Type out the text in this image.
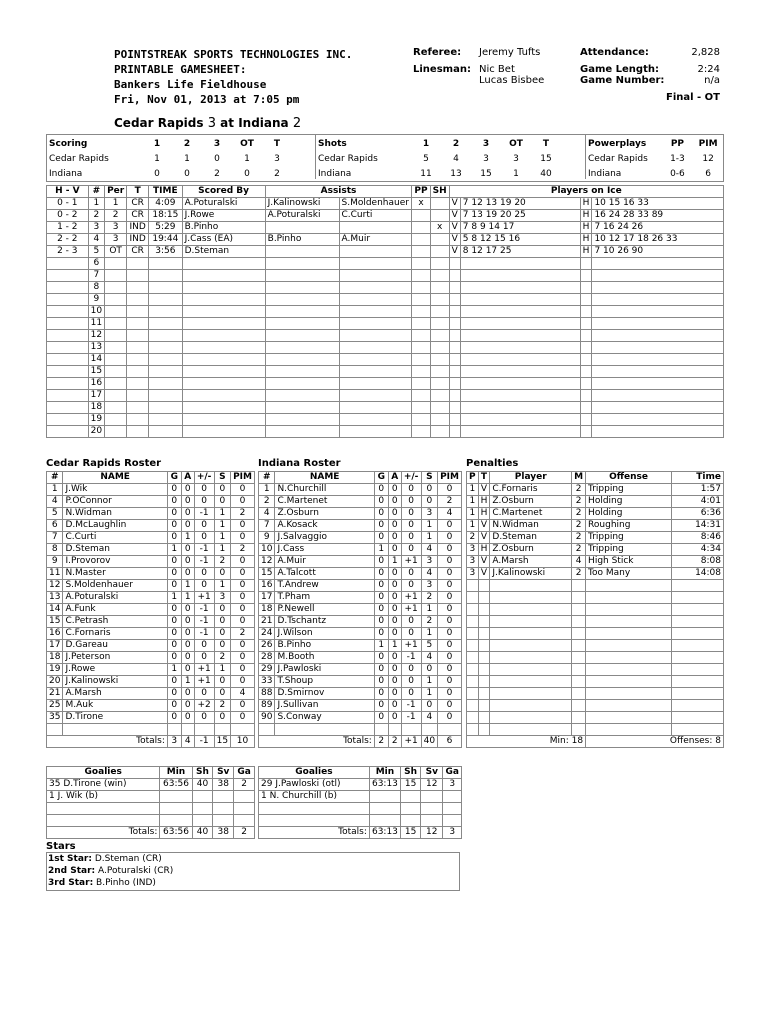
POINTSTREAK SPORTS TECHNOLOGIES INC.
PRINTABLE GAMESHEET:
Bankers Life Fieldhouse
Fri, Nov 01, 2013 at 7:05 pm
Referee:	Jeremy Tufts
Linesman: Nic Bet
Lucas Bisbee
Attendance:	2,828
Game Length:	2:24
Game Number:	n/a
Final - OT
Cedar Rapids 3 at Indiana 2
Scoring	1	2	3	OT	T
Cedar Rapids	1	1	0	1	3
Indiana	0	0	2	0	2
Shots	1	2	3	OT	T
Cedar Rapids	5	4	3	3	15
Indiana	11	13	15	1	40
Powerplays	PP	PIM
Cedar Rapids	1-3	12
Indiana	0-6	6
H - V	#	Per	T	TIME	Scored By	Assists		PP	SH	Players on Ice			
0 - 1	1	1	CR	4:09	A.Poturalski	J.Kalinowski	S.Moldenhauer	x		V	7 12 13 19 20	H	10 15 16 33
0 - 2	2	2	CR	18:15	J.Rowe	A.Poturalski	C.Curti			V	7 13 19 20 25	H	16 24 28 33 89
1 - 2	3	3	IND	5:29	B.Pinho				x	V	7 8 9 14 17	H	7 16 24 26
2 - 2	4	3	IND	19:44	J.Cass (EA)	B.Pinho	A.Muir			V	5 8 12 15 16	H	10 12 17 18 26 33
2 - 3	5	OT	CR	3:56	D.Steman					V	8 12 17 25	H	7 10 26 90
	6												
	7												
	8												
	9												
	10												
	11												
	12												
	13												
	14												
	15												
	16												
	17												
	18												
	19												
	20												
Cedar Rapids Roster	Indiana Roster	Penalties
#	NAME	G	A	+/-	S	PIM
1	J.Wik	0	0	0	0	0
4	P.OConnor	0	0	0	0	0
5	N.Widman	0	0	-1	1	2
6	D.McLaughlin	0	0	0	1	0
7	C.Curti	0	1	0	1	0
8	D.Steman	1	0	-1	1	2
9	I.Provorov	0	0	-1	2	0
11	N.Master	0	0	0	0	0
12	S.Moldenhauer	0	1	0	1	0
13	A.Poturalski	1	1	+1	3	0
14	A.Funk	0	0	-1	0	0
15	C.Petrash	0	0	-1	0	0
16	C.Fornaris	0	0	-1	0	2
17	D.Gareau	0	0	0	0	0
18	J.Peterson	0	0	0	2	0
19	J.Rowe	1	0	+1	1	0
20	J.Kalinowski	0	1	+1	0	0
21	A.Marsh	0	0	0	0	4
25	M.Auk	0	0	+2	2	0
35	D.Tirone	0	0	0	0	0

Totals:		3	4	-1	15	10
#	NAME	G	A	+/-	S	PIM
1	N.Churchill	0	0	0	0	0
2	C.Martenet	0	0	0	0	2
4	Z.Osburn	0	0	0	3	4
7	A.Kosack	0	0	0	1	0
9	J.Salvaggio	0	0	0	1	0
10	J.Cass	1	0	0	4	0
12	A.Muir	0	1	+1	3	0
15	A.Talcott	0	0	0	4	0
16	T.Andrew	0	0	0	3	0
17	T.Pham	0	0	+1	2	0
18	P.Newell	0	0	+1	1	0
21	D.Tschantz	0	0	0	2	0
24	J.Wilson	0	0	0	1	0
26	B.Pinho	1	1	+1	5	0
28	M.Booth	0	0	-1	4	0
29	J.Pawloski	0	0	0	0	0
33	T.Shoup	0	0	0	1	0
88	D.Smirnov	0	0	0	1	0
89	J.Sullivan	0	0	-1	0	0
90	S.Conway	0	0	-1	4	0

Totals:		2	2	+1	40	6
P	T	Player	M	Offense	Time
1	V	C.Fornaris	2	Tripping	1:57
1	H	Z.Osburn	2	Holding	4:01
1	H	C.Martenet	2	Holding	6:36
1	V	N.Widman	2	Roughing	14:31
2	V	D.Steman	2	Tripping	8:46
3	H	Z.Osburn	2	Tripping	4:34
3	V	A.Marsh	4	High Stick	8:08
3	V	J.Kalinowski	2	Too Many	14:08

Min: 18				Offenses: 8	
Goalies	Min	Sh	Sv	Ga
35 D.Tirone (win)	63:56	40	38	2
1 J. Wik (b)				

Totals:	63:56	40	38	2
Goalies	Min	Sh	Sv	Ga
29 J.Pawloski (otl)	63:13	15	12	3
1 N. Churchill (b)				

Totals:	63:13	15	12	3
Stars
1st Star: D.Steman (CR)
2nd Star: A.Poturalski (CR)
3rd Star: B.Pinho (IND)
